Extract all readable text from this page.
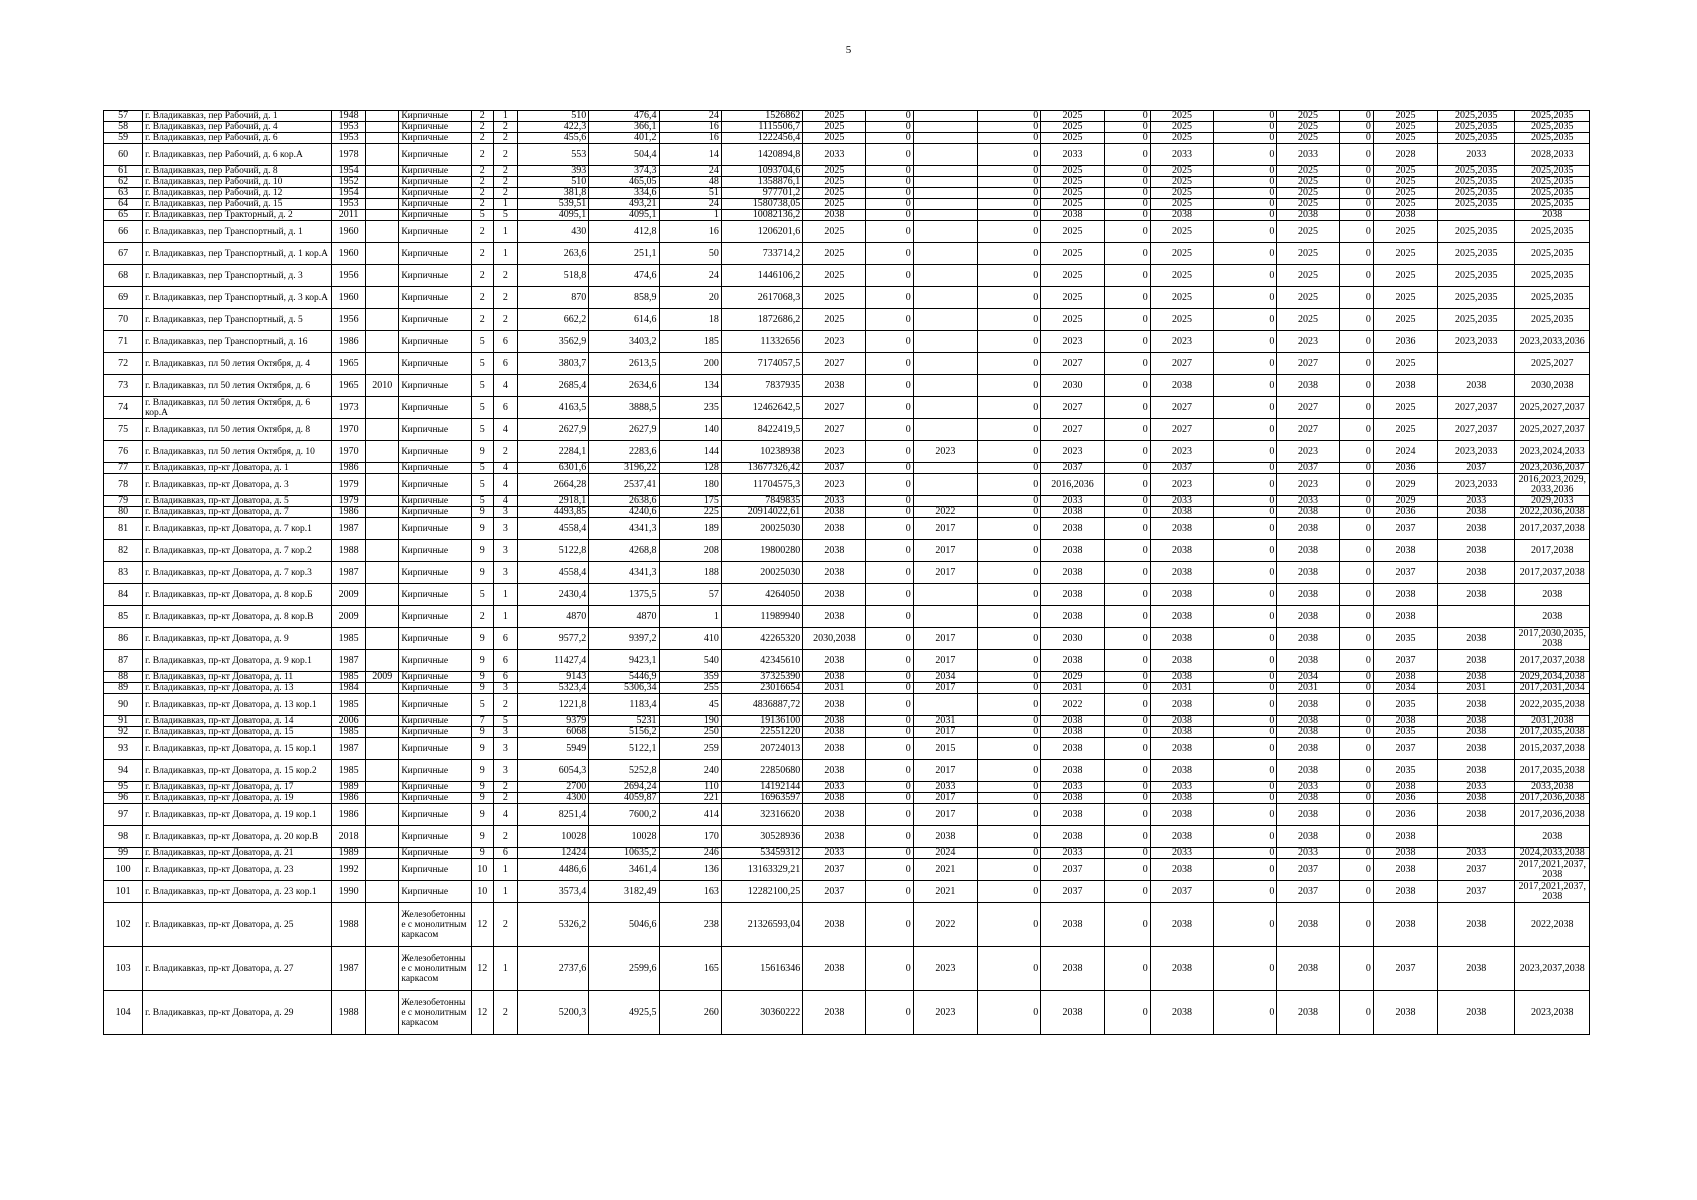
5
57	г. Владикавказ, пер Рабочий, д. 1	1948		Кирпичные	2	1	510	476,4	24	1526862	2025	0		0	2025	0	2025	0	2025	0	2025	2025,2035	2025,2035
58	г. Владикавказ, пер Рабочий, д. 4	1953		Кирпичные	2	2	422,3	366,1	16	1115506,7	2025	0		0	2025	0	2025	0	2025	0	2025	2025,2035	2025,2035
59	г. Владикавказ, пер Рабочий, д. 6	1953		Кирпичные	2	2	455,6	401,2	16	1222456,4	2025	0		0	2025	0	2025	0	2025	0	2025	2025,2035	2025,2035
60	г. Владикавказ, пер Рабочий, д. 6 кор.А	1978		Кирпичные	2	2	553	504,4	14	1420894,8	2033	0		0	2033	0	2033	0	2033	0	2028	2033	2028,2033
61	г. Владикавказ, пер Рабочий, д. 8	1954		Кирпичные	2	2	393	374,3	24	1093704,6	2025	0		0	2025	0	2025	0	2025	0	2025	2025,2035	2025,2035
62	г. Владикавказ, пер Рабочий, д. 10	1952		Кирпичные	2	2	510	465,05	48	1358876,1	2025	0		0	2025	0	2025	0	2025	0	2025	2025,2035	2025,2035
63	г. Владикавказ, пер Рабочий, д. 12	1954		Кирпичные	2	2	381,8	334,6	51	977701,2	2025	0		0	2025	0	2025	0	2025	0	2025	2025,2035	2025,2035
64	г. Владикавказ, пер Рабочий, д. 15	1953		Кирпичные	2	1	539,51	493,21	24	1580738,05	2025	0		0	2025	0	2025	0	2025	0	2025	2025,2035	2025,2035
65	г. Владикавказ, пер Тракторный, д. 2	2011		Кирпичные	5	5	4095,1	4095,1	1	10082136,2	2038	0		0	2038	0	2038	0	2038	0	2038		2038
66	г. Владикавказ, пер Транспортный, д. 1	1960		Кирпичные	2	1	430	412,8	16	1206201,6	2025	0		0	2025	0	2025	0	2025	0	2025	2025,2035	2025,2035
67	г. Владикавказ, пер Транспортный, д. 1 кор.А	1960		Кирпичные	2	1	263,6	251,1	50	733714,2	2025	0		0	2025	0	2025	0	2025	0	2025	2025,2035	2025,2035
68	г. Владикавказ, пер Транспортный, д. 3	1956		Кирпичные	2	2	518,8	474,6	24	1446106,2	2025	0		0	2025	0	2025	0	2025	0	2025	2025,2035	2025,2035
69	г. Владикавказ, пер Транспортный, д. 3 кор.А	1960		Кирпичные	2	2	870	858,9	20	2617068,3	2025	0		0	2025	0	2025	0	2025	0	2025	2025,2035	2025,2035
70	г. Владикавказ, пер Транспортный, д. 5	1956		Кирпичные	2	2	662,2	614,6	18	1872686,2	2025	0		0	2025	0	2025	0	2025	0	2025	2025,2035	2025,2035
71	г. Владикавказ, пер Транспортный, д. 16	1986		Кирпичные	5	6	3562,9	3403,2	185	11332656	2023	0		0	2023	0	2023	0	2023	0	2036	2023,2033	2023,2033,2036
72	г. Владикавказ, пл 50 летия Октября, д. 4	1965		Кирпичные	5	6	3803,7	2613,5	200	7174057,5	2027	0		0	2027	0	2027	0	2027	0	2025		2025,2027
73	г. Владикавказ, пл 50 летия Октября, д. 6	1965	2010	Кирпичные	5	4	2685,4	2634,6	134	7837935	2038	0		0	2030	0	2038	0	2038	0	2038	2038	2030,2038
74	г. Владикавказ, пл 50 летия Октября, д. 6 кор.А	1973		Кирпичные	5	6	4163,5	3888,5	235	12462642,5	2027	0		0	2027	0	2027	0	2027	0	2025	2027,2037	2025,2027,2037
75	г. Владикавказ, пл 50 летия Октября, д. 8	1970		Кирпичные	5	4	2627,9	2627,9	140	8422419,5	2027	0		0	2027	0	2027	0	2027	0	2025	2027,2037	2025,2027,2037
76	г. Владикавказ, пл 50 летия Октября, д. 10	1970		Кирпичные	9	2	2284,1	2283,6	144	10238938	2023	0	2023	0	2023	0	2023	0	2023	0	2024	2023,2033	2023,2024,2033
77	г. Владикавказ, пр-кт Доватора, д. 1	1986		Кирпичные	5	4	6301,6	3196,22	128	13677326,42	2037	0		0	2037	0	2037	0	2037	0	2036	2037	2023,2036,2037
78	г. Владикавказ, пр-кт Доватора, д. 3	1979		Кирпичные	5	4	2664,28	2537,41	180	11704575,3	2023	0		0	2016,2036	0	2023	0	2023	0	2029	2023,2033	2016,2023,2029,2033,2036
79	г. Владикавказ, пр-кт Доватора, д. 5	1979		Кирпичные	5	4	2918,1	2638,6	175	7849835	2033	0		0	2033	0	2033	0	2033	0	2029	2033	2029,2033
80	г. Владикавказ, пр-кт Доватора, д. 7	1986		Кирпичные	9	3	4493,85	4240,6	225	20914022,61	2038	0	2022	0	2038	0	2038	0	2038	0	2036	2038	2022,2036,2038
81	г. Владикавказ, пр-кт Доватора, д. 7 кор.1	1987		Кирпичные	9	3	4558,4	4341,3	189	20025030	2038	0	2017	0	2038	0	2038	0	2038	0	2037	2038	2017,2037,2038
82	г. Владикавказ, пр-кт Доватора, д. 7 кор.2	1988		Кирпичные	9	3	5122,8	4268,8	208	19800280	2038	0	2017	0	2038	0	2038	0	2038	0	2038	2038	2017,2038
83	г. Владикавказ, пр-кт Доватора, д. 7 кор.3	1987		Кирпичные	9	3	4558,4	4341,3	188	20025030	2038	0	2017	0	2038	0	2038	0	2038	0	2037	2038	2017,2037,2038
84	г. Владикавказ, пр-кт Доватора, д. 8 кор.Б	2009		Кирпичные	5	1	2430,4	1375,5	57	4264050	2038	0		0	2038	0	2038	0	2038	0	2038	2038	2038
85	г. Владикавказ, пр-кт Доватора, д. 8 кор.В	2009		Кирпичные	2	1	4870	4870	1	11989940	2038	0		0	2038	0	2038	0	2038	0	2038		2038
86	г. Владикавказ, пр-кт Доватора, д. 9	1985		Кирпичные	9	6	9577,2	9397,2	410	42265320	2030,2038	0	2017	0	2030	0	2038	0	2038	0	2035	2038	2017,2030,2035,2038
87	г. Владикавказ, пр-кт Доватора, д. 9 кор.1	1987		Кирпичные	9	6	11427,4	9423,1	540	42345610	2038	0	2017	0	2038	0	2038	0	2038	0	2037	2038	2017,2037,2038
88	г. Владикавказ, пр-кт Доватора, д. 11	1985	2009	Кирпичные	9	6	9143	5446,9	359	37325390	2038	0	2034	0	2029	0	2038	0	2034	0	2038	2038	2029,2034,2038
89	г. Владикавказ, пр-кт Доватора, д. 13	1984		Кирпичные	9	3	5323,4	5306,34	255	23016654	2031	0	2017	0	2031	0	2031	0	2031	0	2034	2031	2017,2031,2034
90	г. Владикавказ, пр-кт Доватора, д. 13 кор.1	1985		Кирпичные	5	2	1221,8	1183,4	45	4836887,72	2038	0		0	2022	0	2038	0	2038	0	2035	2038	2022,2035,2038
91	г. Владикавказ, пр-кт Доватора, д. 14	2006		Кирпичные	7	5	9379	5231	190	19136100	2038	0	2031	0	2038	0	2038	0	2038	0	2038	2038	2031,2038
92	г. Владикавказ, пр-кт Доватора, д. 15	1985		Кирпичные	9	3	6068	5156,2	250	22551220	2038	0	2017	0	2038	0	2038	0	2038	0	2035	2038	2017,2035,2038
93	г. Владикавказ, пр-кт Доватора, д. 15 кор.1	1987		Кирпичные	9	3	5949	5122,1	259	20724013	2038	0	2015	0	2038	0	2038	0	2038	0	2037	2038	2015,2037,2038
94	г. Владикавказ, пр-кт Доватора, д. 15 кор.2	1985		Кирпичные	9	3	6054,3	5252,8	240	22850680	2038	0	2017	0	2038	0	2038	0	2038	0	2035	2038	2017,2035,2038
95	г. Владикавказ, пр-кт Доватора, д. 17	1989		Кирпичные	9	2	2700	2694,24	110	14192144	2033	0	2033	0	2033	0	2033	0	2033	0	2038	2033	2033,2038
96	г. Владикавказ, пр-кт Доватора, д. 19	1986		Кирпичные	9	2	4300	4059,87	221	16963597	2038	0	2017	0	2038	0	2038	0	2038	0	2036	2038	2017,2036,2038
97	г. Владикавказ, пр-кт Доватора, д. 19 кор.1	1986		Кирпичные	9	4	8251,4	7600,2	414	32316620	2038	0	2017	0	2038	0	2038	0	2038	0	2036	2038	2017,2036,2038
98	г. Владикавказ, пр-кт Доватора, д. 20 кор.В	2018		Кирпичные	9	2	10028	10028	170	30528936	2038	0	2038	0	2038	0	2038	0	2038	0	2038		2038
99	г. Владикавказ, пр-кт Доватора, д. 21	1989		Кирпичные	9	6	12424	10635,2	246	53459312	2033	0	2024	0	2033	0	2033	0	2033	0	2038	2033	2024,2033,2038
100	г. Владикавказ, пр-кт Доватора, д. 23	1992		Кирпичные	10	1	4486,6	3461,4	136	13163329,21	2037	0	2021	0	2037	0	2038	0	2037	0	2038	2037	2017,2021,2037,2038
101	г. Владикавказ, пр-кт Доватора, д. 23 кор.1	1990		Кирпичные	10	1	3573,4	3182,49	163	12282100,25	2037	0	2021	0	2037	0	2037	0	2037	0	2038	2037	2017,2021,2037,2038
102	г. Владикавказ, пр-кт Доватора, д. 25	1988		Железобетонные с монолитным каркасом	12	2	5326,2	5046,6	238	21326593,04	2038	0	2022	0	2038	0	2038	0	2038	0	2038	2038	2022,2038
103	г. Владикавказ, пр-кт Доватора, д. 27	1987		Железобетонные с монолитным каркасом	12	1	2737,6	2599,6	165	15616346	2038	0	2023	0	2038	0	2038	0	2038	0	2037	2038	2023,2037,2038
104	г. Владикавказ, пр-кт Доватора, д. 29	1988		Железобетонные с монолитным каркасом	12	2	5200,3	4925,5	260	30360222	2038	0	2023	0	2038	0	2038	0	2038	0	2038	2038	2023,2038
